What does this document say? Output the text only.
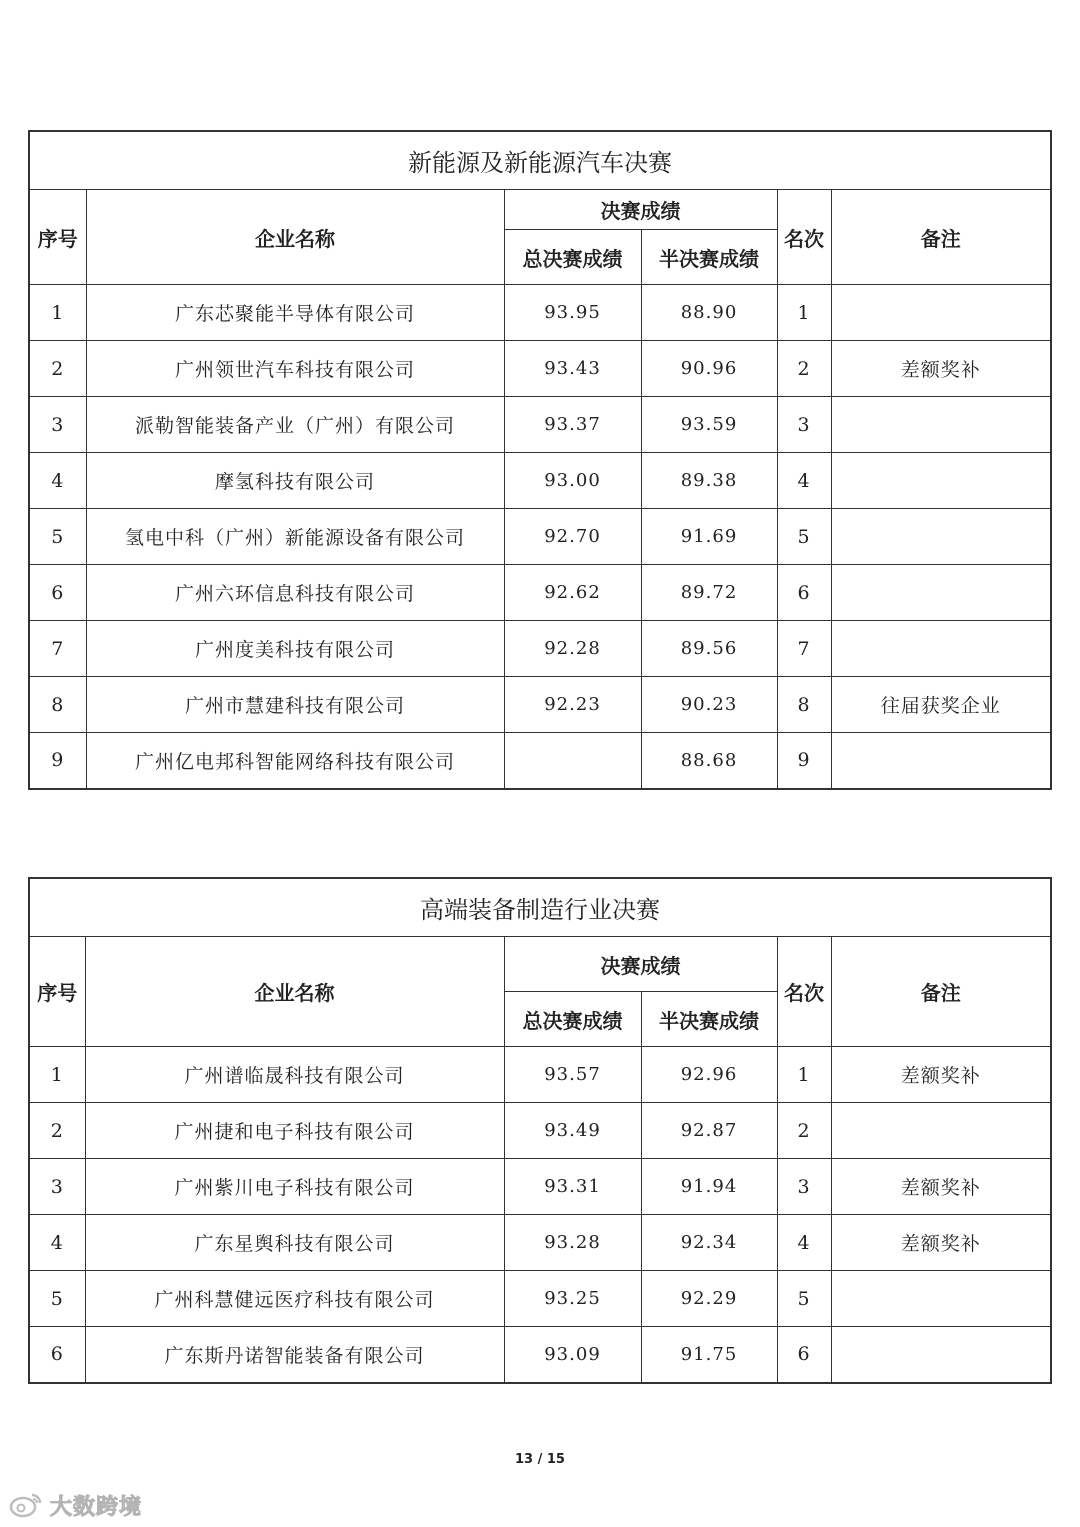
新能源及新能源汽车决赛					
序号	企业名称	决赛成绩		名次	备注
		总决赛成绩	半决赛成绩		
1	广东芯聚能半导体有限公司	93.95	88.90	1	
2	广州领世汽车科技有限公司	93.43	90.96	2	差额奖补
3	派勒智能装备产业（广州）有限公司	93.37	93.59	3	
4	摩氢科技有限公司	93.00	89.38	4	
5	氢电中科（广州）新能源设备有限公司	92.70	91.69	5	
6	广州六环信息科技有限公司	92.62	89.72	6	
7	广州度美科技有限公司	92.28	89.56	7	
8	广州市慧建科技有限公司	92.23	90.23	8	往届获奖企业
9	广州亿电邦科智能网络科技有限公司		88.68	9	
高端装备制造行业决赛					
序号	企业名称	决赛成绩		名次	备注
		总决赛成绩	半决赛成绩		
1	广州谱临晟科技有限公司	93.57	92.96	1	差额奖补
2	广州捷和电子科技有限公司	93.49	92.87	2	
3	广州紫川电子科技有限公司	93.31	91.94	3	差额奖补
4	广东星舆科技有限公司	93.28	92.34	4	差额奖补
5	广州科慧健远医疗科技有限公司	93.25	92.29	5	
6	广东斯丹诺智能装备有限公司	93.09	91.75	6	
13 / 15
大数跨境
